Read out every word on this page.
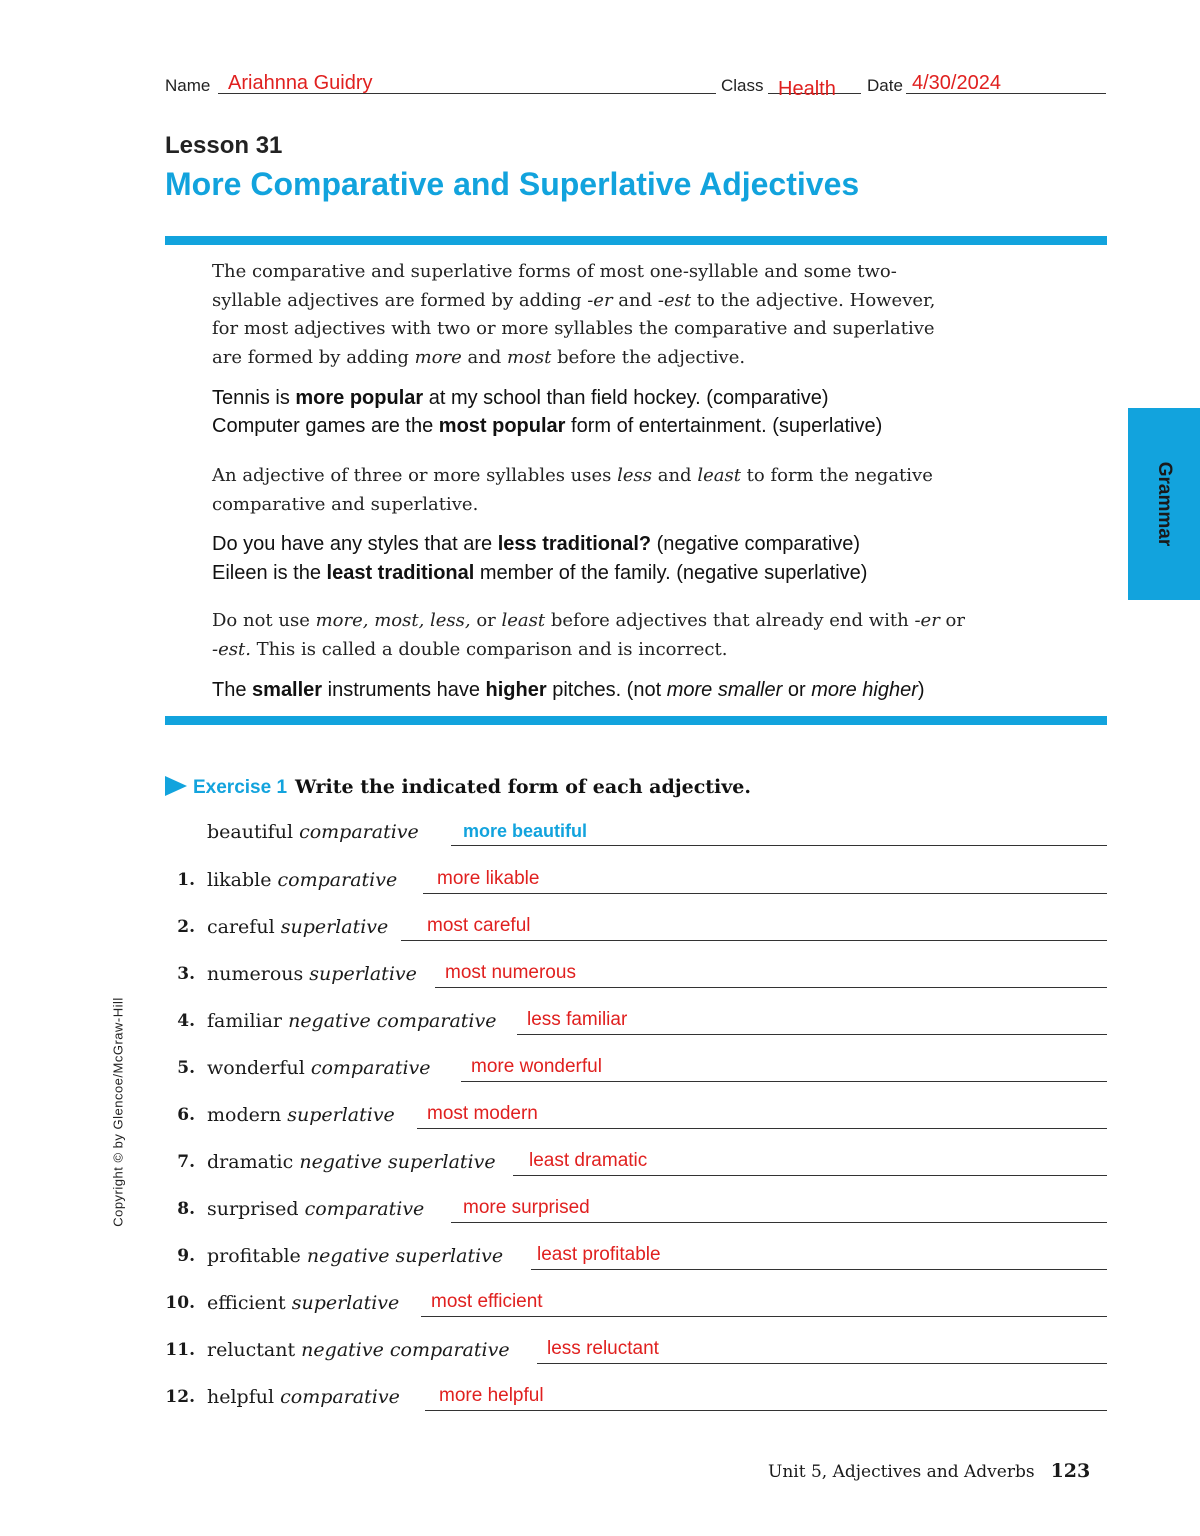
Name Ariahnna Guidry	Class Health Date 4/30/2024
Lesson 31
More Comparative and Superlative Adjectives
The comparative and superlative forms of most one-syllable and some two-
syllable adjectives are formed by adding -er and -est to the adjective. However,
for most adjectives with two or more syllables the comparative and superlative
are formed by adding more and most before the adjective.
Tennis is more popular at my school than field hockey. (comparative)
Computer games are the most popular form of entertainment. (superlative)
An adjective of three or more syllables uses less and least to form the negative
comparative and superlative.
Do you have any styles that are less traditional? (negative comparative)
Eileen is the least traditional member of the family. (negative superlative)
Do not use more, most, less, or least before adjectives that already end with -er or
-est. This is called a double comparison and is incorrect.
The smaller instruments have higher pitches. (not more smaller or more higher)
Grammar
Copyright © by Glencoe/McGraw-Hill
Exercise 1 Write the indicated form of each adjective.
beautiful comparative more beautiful
1. likable comparative more likable
2. careful superlative most careful
3. numerous superlative most numerous
4. familiar negative comparative less familiar
5. wonderful comparative more wonderful
6. modern superlative most modern
7. dramatic negative superlative least dramatic
8. surprised comparative more surprised
9. profitable negative superlative least profitable
10. efficient superlative most efficient
11. reluctant negative comparative less reluctant
12. helpful comparative more helpful
Unit 5, Adjectives and Adverbs 123
